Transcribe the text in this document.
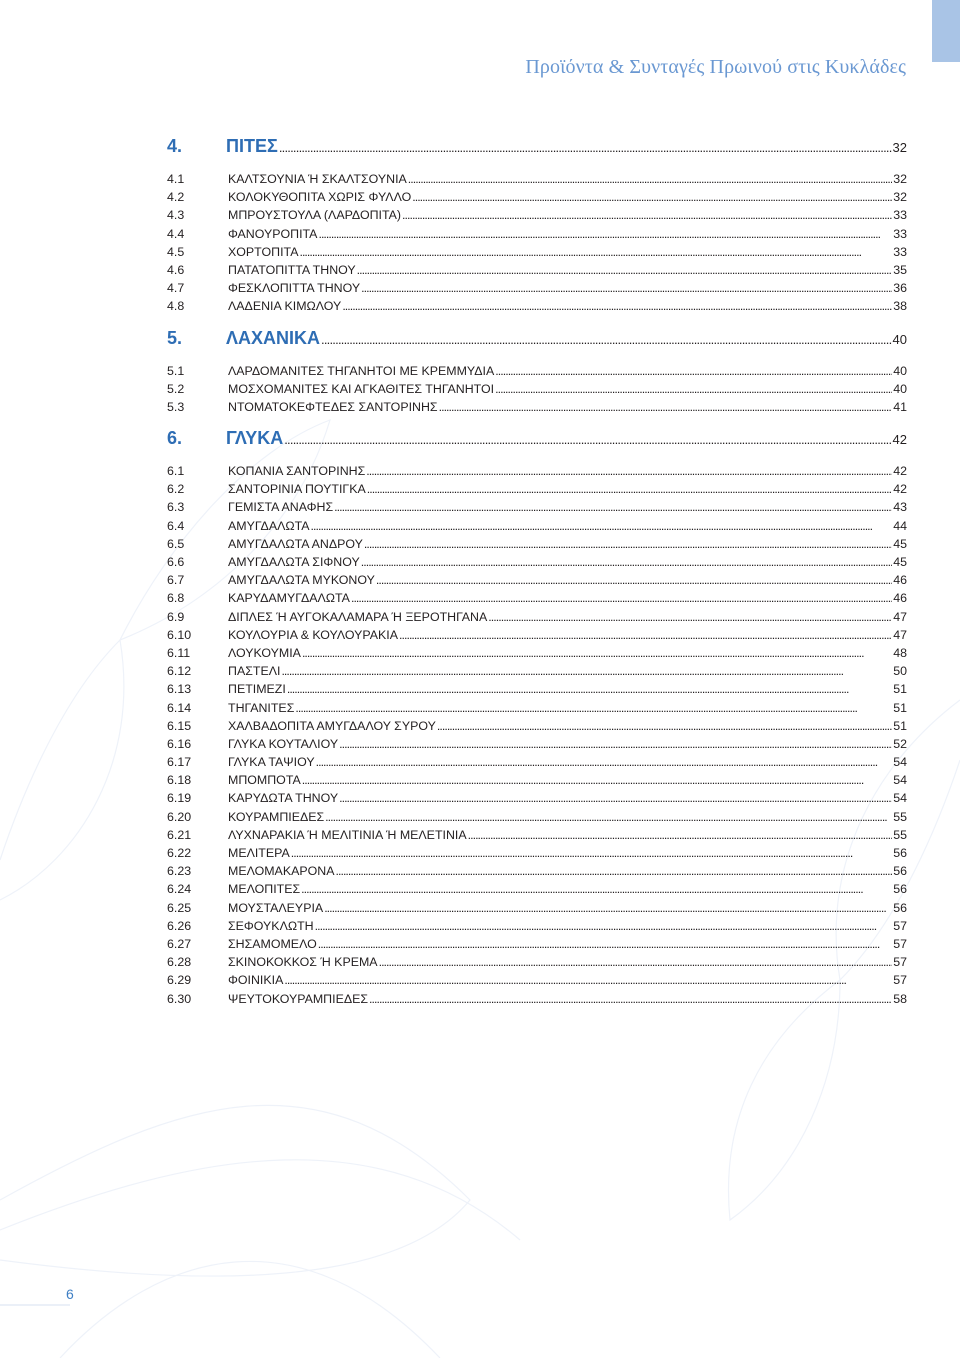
Προϊόντα & Συνταγές Πρωινού στις Κυκλάδες
4.	ΠΙΤΕΣ . . .	32
4.1	ΚΑΛΤΣΟΥΝΙΑ Ή ΣΚΑΛΤΣΟΥΝΙΑ . . .	32
4.2	ΚΟΛΟΚΥΘΟΠΙΤΑ ΧΩΡΙΣ ΦΥΛΛΟ . . .	32
4.3	ΜΠΡΟΥΣΤΟΥΛΑ (ΛΑΡΔΟΠΙΤΑ) . . .	33
4.4	ΦΑΝΟΥΡΟΠΙΤΑ . . .	33
4.5	ΧΟΡΤΟΠΙΤΑ . . .	33
4.6	ΠΑΤΑΤΟΠΙΤΤΑ ΤΗΝΟΥ . . .	35
4.7	ΦΕΣΚΛΟΠΙΤΤΑ ΤΗΝΟΥ . . .	36
4.8	ΛΑΔΕΝΙΑ ΚΙΜΩΛΟΥ . . .	38
5.	ΛΑΧΑΝΙΚΑ . . .	40
5.1	ΛΑΡΔΟΜΑΝΙΤΕΣ ΤΗΓΑΝΗΤΟΙ ΜΕ ΚΡΕΜΜΥΔΙΑ . . .	40
5.2	ΜΟΣΧΟΜΑΝΙΤΕΣ ΚΑΙ ΑΓΚΑΘΙΤΕΣ ΤΗΓΑΝΗΤΟΙ . . .	40
5.3	ΝΤΟΜΑΤΟΚΕΦΤΕΔΕΣ ΣΑΝΤΟΡΙΝΗΣ . . .	41
6.	ΓΛΥΚΑ . . .	42
6.1	ΚΟΠΑΝΙΑ ΣΑΝΤΟΡΙΝΗΣ . . .	42
6.2	ΣΑΝΤΟΡΙΝΙΑ ΠΟΥΤΙΓΚΑ . . .	42
6.3	ΓΕΜΙΣΤΑ ΑΝΑΦΗΣ . . .	43
6.4	ΑΜΥΓΔΑΛΩΤΑ . . .	44
6.5	ΑΜΥΓΔΑΛΩΤΑ ΑΝΔΡΟΥ . . .	45
6.6	ΑΜΥΓΔΑΛΩΤΑ ΣΙΦΝΟΥ . . .	45
6.7	ΑΜΥΓΔΑΛΩΤΑ ΜΥΚΟΝΟΥ . . .	46
6.8	ΚΑΡΥΔΑΜΥΓΔΑΛΩΤΑ . . .	46
6.9	ΔΙΠΛΕΣ Ή ΑΥΓΟΚΑΛΑΜΑΡΑ Ή ΞΕΡΟΤΗΓΑΝΑ . . .	47
6.10	ΚΟΥΛΟΥΡΙΑ & ΚΟΥΛΟΥΡΑΚΙΑ . . .	47
6.11	ΛΟΥΚΟΥΜΙΑ . . .	48
6.12	ΠΑΣΤΕΛΙ . . .	50
6.13	ΠΕΤΙΜΕΖΙ . . .	51
6.14	ΤΗΓΑΝΙΤΕΣ . . .	51
6.15	ΧΑΛΒΑΔΟΠΙΤΑ ΑΜΥΓΔΑΛΟΥ ΣΥΡΟΥ . . .	51
6.16	ΓΛΥΚΑ ΚΟΥΤΑΛΙΟΥ . . .	52
6.17	ΓΛΥΚΑ ΤΑΨΙΟΥ . . .	54
6.18	ΜΠΟΜΠΟΤΑ . . .	54
6.19	ΚΑΡΥΔΩΤΑ ΤΗΝΟΥ . . .	54
6.20	ΚΟΥΡΑΜΠΙΕΔΕΣ . . .	55
6.21	ΛΥΧΝΑΡΑΚΙΑ Ή ΜΕΛΙΤΙΝΙΑ Ή ΜΕΛΕΤΙΝΙΑ . . .	55
6.22	ΜΕΛΙΤΕΡΑ . . .	56
6.23	ΜΕΛΟΜΑΚΑΡΟΝΑ . . .	56
6.24	ΜΕΛΟΠΙΤΕΣ . . .	56
6.25	ΜΟΥΣΤΑΛΕΥΡΙΑ . . .	56
6.26	ΣΕΦΟΥΚΛΩΤΗ . . .	57
6.27	ΣΗΣΑΜΟΜΕΛΟ . . .	57
6.28	ΣΚΙΝΟΚΟΚΚΟΣ Ή ΚΡΕΜΑ . . .	57
6.29	ΦΟΙΝΙΚΙΑ . . .	57
6.30	ΨΕΥΤΟΚΟΥΡΑΜΠΙΕΔΕΣ . . .	58
6
